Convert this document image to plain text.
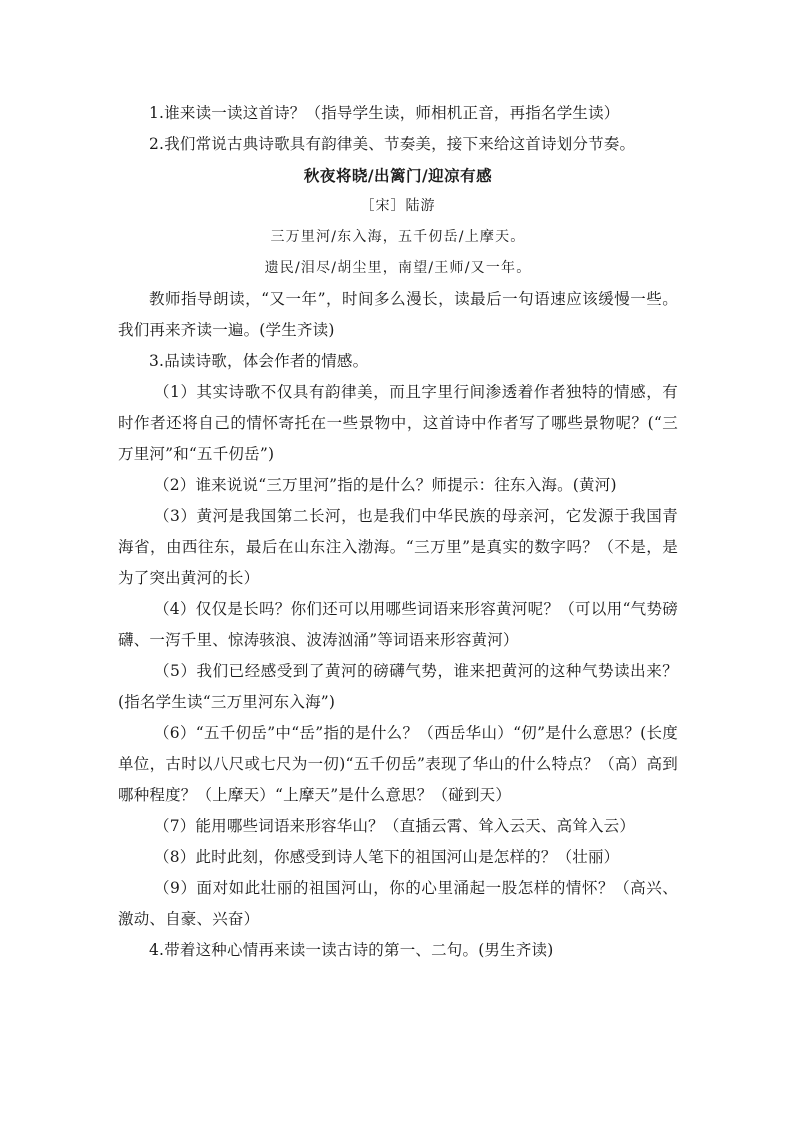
1.谁来读一读这首诗？（指导学生读，师相机正音，再指名学生读）

2.我们常说古典诗歌具有韵律美、节奏美，接下来给这首诗划分节奏。

秋夜将晓/出篱门/迎凉有感

［宋］陆游

三万里河/东入海，五千仞岳/上摩天。

遗民/泪尽/胡尘里，南望/王师/又一年。

教师指导朗读，“又一年”，时间多么漫长，读最后一句语速应该缓慢一些。我们再来齐读一遍。(学生齐读)

3.品读诗歌，体会作者的情感。

（1）其实诗歌不仅具有韵律美，而且字里行间渗透着作者独特的情感，有时作者还将自己的情怀寄托在一些景物中，这首诗中作者写了哪些景物呢？(“三万里河”和“五千仞岳”)

（2）谁来说说“三万里河”指的是什么？师提示：往东入海。(黄河)

（3）黄河是我国第二长河，也是我们中华民族的母亲河，它发源于我国青海省，由西往东，最后在山东注入渤海。“三万里”是真实的数字吗？（不是，是为了突出黄河的长）

（4）仅仅是长吗？你们还可以用哪些词语来形容黄河呢？（可以用“气势磅礴、一泻千里、惊涛骇浪、波涛汹涌”等词语来形容黄河）

（5）我们已经感受到了黄河的磅礴气势，谁来把黄河的这种气势读出来？(指名学生读“三万里河东入海”)

（6）“五千仞岳”中“岳”指的是什么？（西岳华山）“仞”是什么意思？(长度单位，古时以八尺或七尺为一仞)“五千仞岳”表现了华山的什么特点？（高）高到哪种程度？（上摩天）“上摩天”是什么意思？（碰到天）

（7）能用哪些词语来形容华山？（直插云霄、耸入云天、高耸入云）

（8）此时此刻，你感受到诗人笔下的祖国河山是怎样的？（壮丽）

（9）面对如此壮丽的祖国河山，你的心里涌起一股怎样的情怀？（高兴、激动、自豪、兴奋）

4.带着这种心情再来读一读古诗的第一、二句。(男生齐读)
